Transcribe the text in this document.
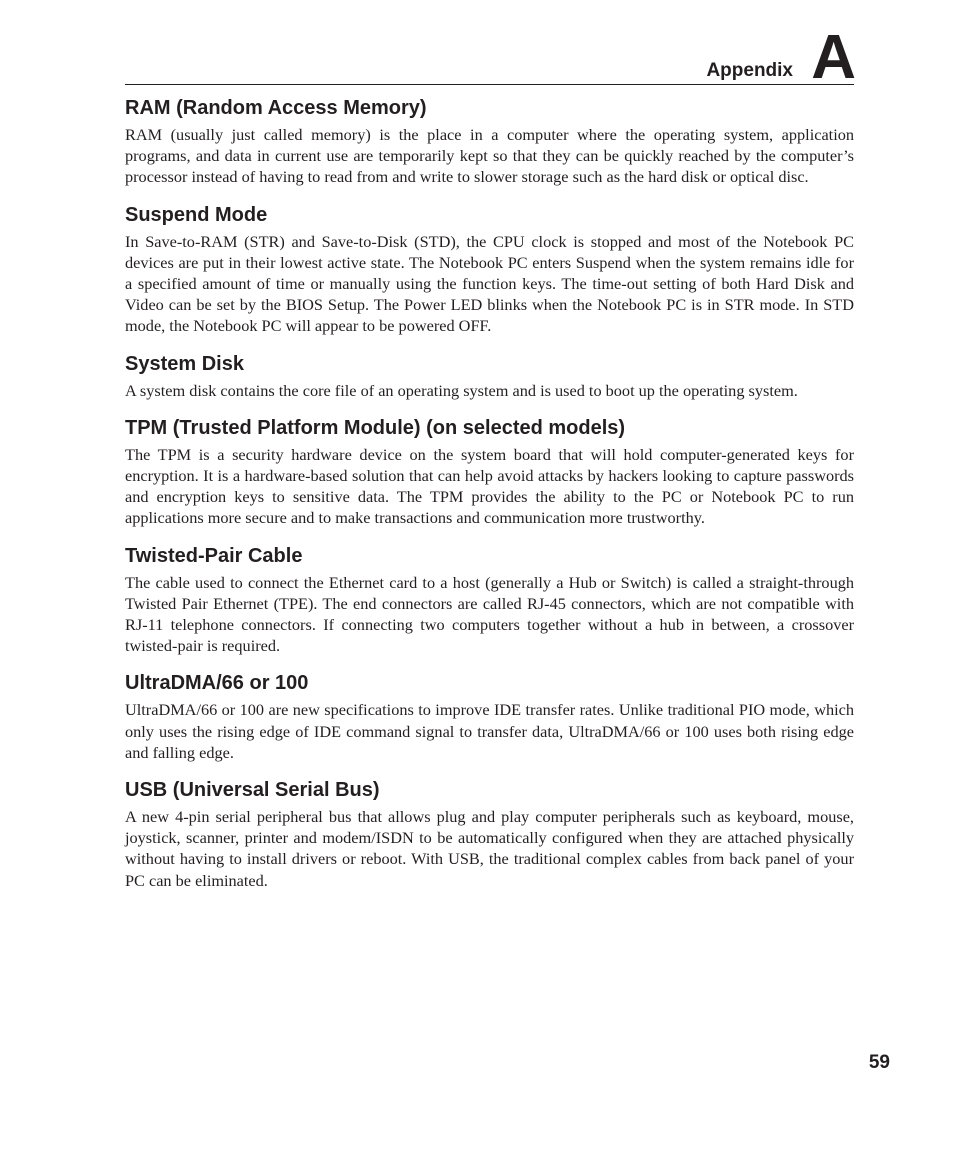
Appendix A
RAM (Random Access Memory)

RAM (usually just called memory) is the place in a computer where the operating system, application programs, and data in current use are temporarily kept so that they can be quickly reached by the computer’s processor instead of having to read from and write to slower storage such as the hard disk or optical disc.

Suspend Mode

In Save-to-RAM (STR) and Save-to-Disk (STD), the CPU clock is stopped and most of the Notebook PC devices are put in their lowest active state. The Notebook PC enters Suspend when the system remains idle for a specified amount of time or manually using the function keys. The time-out setting of both Hard Disk and Video can be set by the BIOS Setup. The Power LED blinks when the Notebook PC is in STR mode. In STD mode, the Notebook PC will appear to be powered OFF.

System Disk

A system disk contains the core file of an operating system and is used to boot up the operating system.

TPM (Trusted Platform Module) (on selected models)

The TPM is a security hardware device on the system board that will hold computer-generated keys for encryption. It is a hardware-based solution that can help avoid attacks by hackers looking to capture passwords and encryption keys to sensitive data. The TPM provides the ability to the PC or Notebook PC to run applications more secure and to make transactions and communication more trustworthy.

Twisted-Pair Cable

The cable used to connect the Ethernet card to a host (generally a Hub or Switch) is called a straight-through Twisted Pair Ethernet (TPE). The end connectors are called RJ-45 connectors, which are not compatible with RJ-11 telephone connectors. If connecting two computers together without a hub in between, a crossover twisted-pair is required.

UltraDMA/66 or 100

UltraDMA/66 or 100 are new specifications to improve IDE transfer rates. Unlike traditional PIO mode, which only uses the rising edge of IDE command signal to transfer data, UltraDMA/66 or 100 uses both rising edge and falling edge.

USB (Universal Serial Bus)

A new 4-pin serial peripheral bus that allows plug and play computer peripherals such as keyboard, mouse, joystick, scanner, printer and modem/ISDN to be automatically configured when they are attached physically without having to install drivers or reboot. With USB, the traditional complex cables from back panel of your PC can be eliminated.

59
